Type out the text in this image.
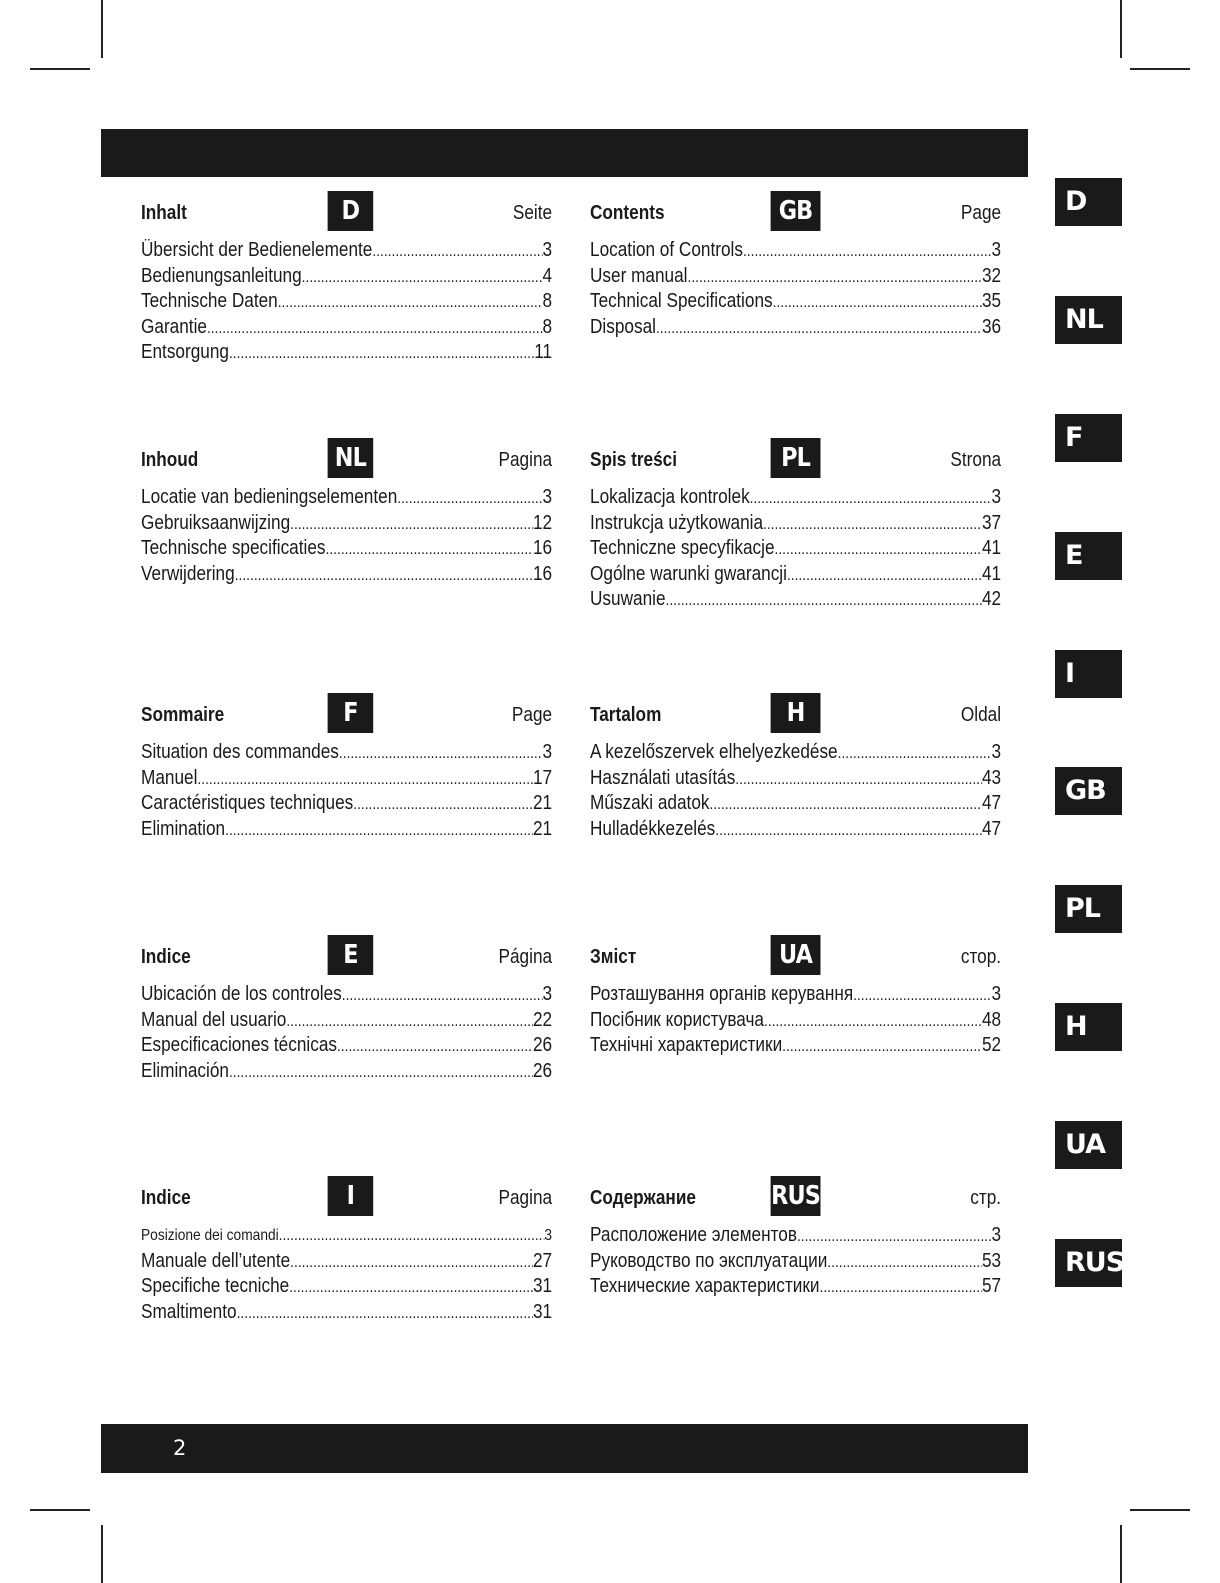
Inhalt	D	Seite
Übersicht der Bedienelemente .....	3
Bedienungsanleitung .....	4
Technische Daten .....	8
Garantie .....	8
Entsorgung .....	11
Inhoud	NL	Pagina
Locatie van bedieningselementen .....	3
Gebruiksaanwijzing .....	12
Technische specificaties .....	16
Verwijdering .....	16
Sommaire	F	Page
Situation des commandes .....	3
Manuel .....	17
Caractéristiques techniques .....	21
Elimination .....	21
Indice	E	Página
Ubicación de los controles .....	3
Manual del usuario .....	22
Especificaciones técnicas .....	26
Eliminación .....	26
Indice	I	Pagina
Posizione dei comandi .....	3
Manuale dell’utente .....	27
Specifiche tecniche .....	31
Smaltimento .....	31
Contents	GB	Page
Location of Controls .....	3
User manual .....	32
Technical Specifications .....	35
Disposal .....	36
Spis treści	PL	Strona
Lokalizacja kontrolek .....	3
Instrukcja użytkowania .....	37
Techniczne specyfikacje .....	41
Ogólne warunki gwarancji .....	41
Usuwanie .....	42
Tartalom	H	Oldal
A kezelőszervek elhelyezkedése .....	3
Használati utasítás .....	43
Műszaki adatok .....	47
Hulladékkezelés .....	47
Зміст	UA	стор.
Розташування органів керування .....	3
Посібник користувача .....	48
Технічні характеристики .....	52
Содержание	RUS	стр.
Расположение элементов .....	3
Руководство по эксплуатации .....	53
Технические характеристики .....	57
D
NL
F
E
I
GB
PL
H
UA
RUS
2
